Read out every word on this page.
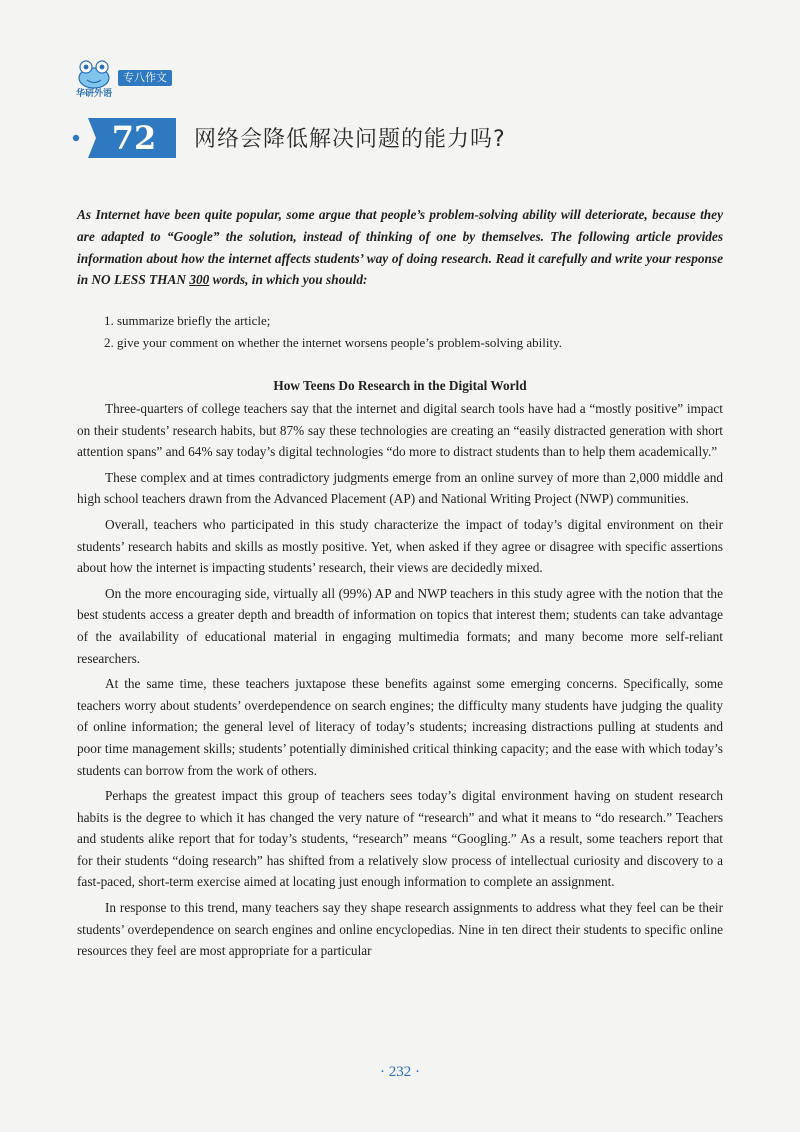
华研外语
专八作文
72	网络会降低解决问题的能力吗?

As Internet have been quite popular, some argue that people’s problem-solving ability will deteriorate, because they are adapted to “Google” the solution, instead of thinking of one by themselves. The following article provides information about how the internet affects students’ way of doing research. Read it carefully and write your response in NO LESS THAN 300 words, in which you should:

1. summarize briefly the article;
2. give your comment on whether the internet worsens people’s problem-solving ability.
How Teens Do Research in the Digital World

Three-quarters of college teachers say that the internet and digital search tools have had a “mostly positive” impact on their students’ research habits, but 87% say these technologies are creating an “easily distracted generation with short attention spans” and 64% say today’s digital technologies “do more to distract students than to help them academically.”

These complex and at times contradictory judgments emerge from an online survey of more than 2,000 middle and high school teachers drawn from the Advanced Placement (AP) and National Writing Project (NWP) communities.

Overall, teachers who participated in this study characterize the impact of today’s digital environment on their students’ research habits and skills as mostly positive. Yet, when asked if they agree or disagree with specific assertions about how the internet is impacting students’ research, their views are decidedly mixed.

On the more encouraging side, virtually all (99%) AP and NWP teachers in this study agree with the notion that the best students access a greater depth and breadth of information on topics that interest them; students can take advantage of the availability of educational material in engaging multimedia formats; and many become more self-reliant researchers.

At the same time, these teachers juxtapose these benefits against some emerging concerns. Specifically, some teachers worry about students’ overdependence on search engines; the difficulty many students have judging the quality of online information; the general level of literacy of today’s students; increasing distractions pulling at students and poor time management skills; students’ potentially diminished critical thinking capacity; and the ease with which today’s students can borrow from the work of others.

Perhaps the greatest impact this group of teachers sees today’s digital environment having on student research habits is the degree to which it has changed the very nature of “research” and what it means to “do research.” Teachers and students alike report that for today’s students, “research” means “Googling.” As a result, some teachers report that for their students “doing research” has shifted from a relatively slow process of intellectual curiosity and discovery to a fast-paced, short-term exercise aimed at locating just enough information to complete an assignment.

In response to this trend, many teachers say they shape research assignments to address what they feel can be their students’ overdependence on search engines and online encyclopedias. Nine in ten direct their students to specific online resources they feel are most appropriate for a particular

· 232 ·
